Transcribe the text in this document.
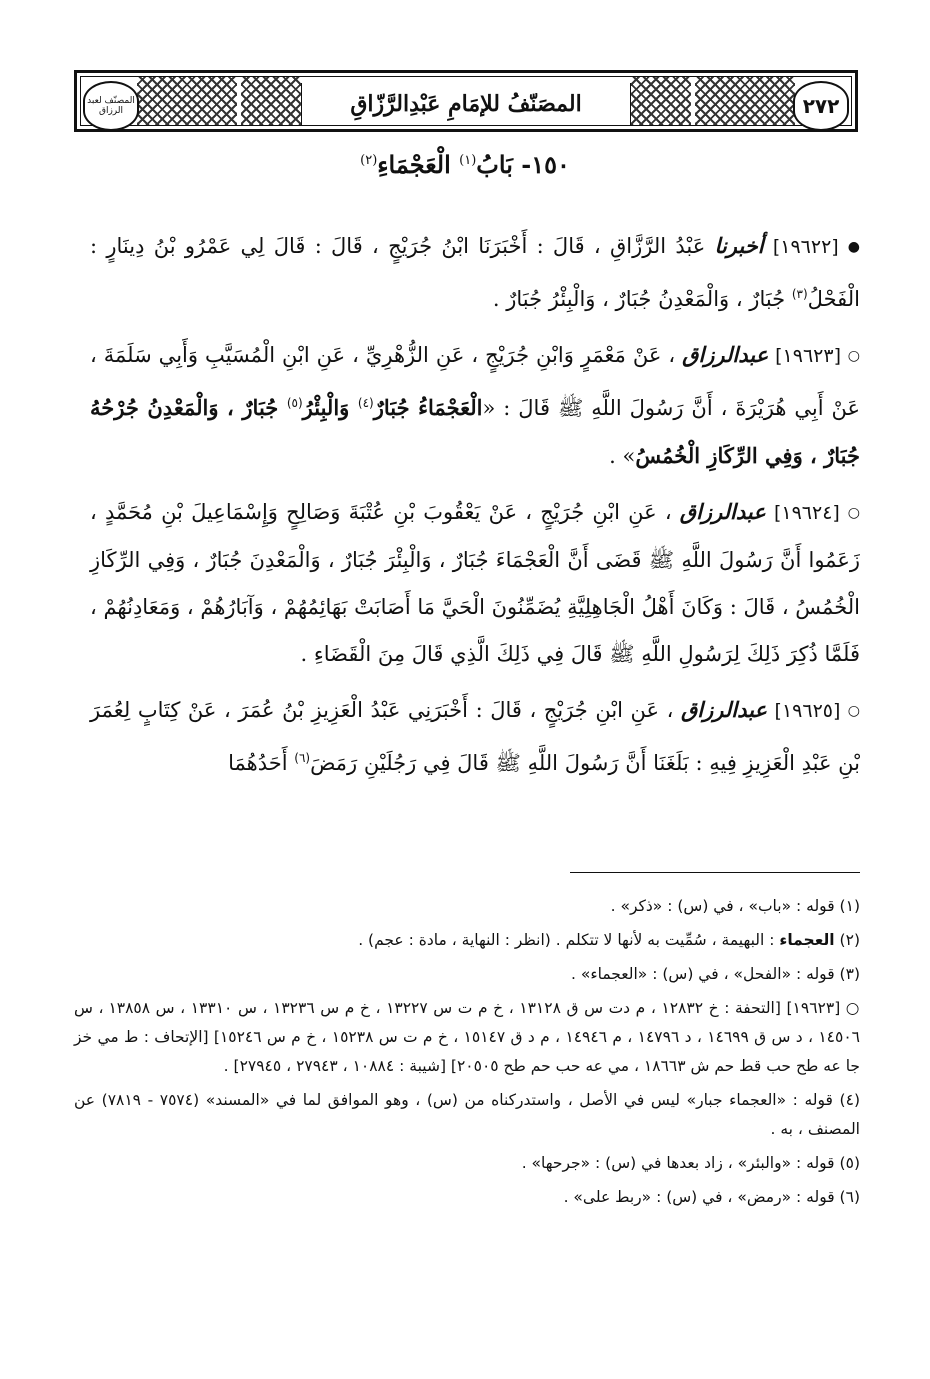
٢٧٢
المصَنّفُ للإمَامِ عَبْدِالرَّزّاقِ
المصنّف لعبد الرزاق
١٥٠- بَابُ$^{(١)}$ الْعَجْمَاءِ$^{(٢)}$

● [١٩٦٢٢] أخبرنا عَبْدُ الرَّزَّاقِ ، قَالَ : أَخْبَرَنَا ابْنُ جُرَيْجٍ ، قَالَ : قَالَ لِي عَمْرُو بْنُ دِينَارٍ : الْفَحْلُ$^{(٣)}$ جُبَارٌ ، وَالْمَعْدِنُ جُبَارٌ ، وَالْبِئْرُ جُبَارٌ .

○ [١٩٦٢٣] عبدالرزاق ، عَنْ مَعْمَرٍ وَابْنِ جُرَيْجٍ ، عَنِ الزُّهْرِيِّ ، عَنِ ابْنِ الْمُسَيَّبِ وَأَبِي سَلَمَةَ ، عَنْ أَبِي هُرَيْرَةَ ، أَنَّ رَسُولَ اللَّهِ ﷺ قَالَ : «الْعَجْمَاءُ جُبَارٌ$^{(٤)}$ وَالْبِئْرُ$^{(٥)}$ جُبَارٌ ، وَالْمَعْدِنُ جُرْحُهُ جُبَارٌ ، وَفِي الرِّكَازِ الْخُمُسُ» .

○ [١٩٦٢٤] عبدالرزاق ، عَنِ ابْنِ جُرَيْجٍ ، عَنْ يَعْقُوبَ بْنِ عُتْبَةَ وَصَالِحٍ وَإِسْمَاعِيلَ بْنِ مُحَمَّدٍ ، زَعَمُوا أَنَّ رَسُولَ اللَّهِ ﷺ قَضَى أَنَّ الْعَجْمَاءَ جُبَارٌ ، وَالْبِئْرَ جُبَارٌ ، وَالْمَعْدِنَ جُبَارٌ ، وَفِي الرِّكَازِ الْخُمُسُ ، قَالَ : وَكَانَ أَهْلُ الْجَاهِلِيَّةِ يُضَمِّنُونَ الْحَيَّ مَا أَصَابَتْ بَهَائِمُهُمْ ، وَآبَارُهُمْ ، وَمَعَادِنُهُمْ ، فَلَمَّا ذُكِرَ ذَلِكَ لِرَسُولِ اللَّهِ ﷺ قَالَ فِي ذَلِكَ الَّذِي قَالَ مِنَ الْقَضَاءِ .

○ [١٩٦٢٥] عبدالرزاق ، عَنِ ابْنِ جُرَيْجٍ ، قَالَ : أَخْبَرَنِي عَبْدُ الْعَزِيزِ بْنُ عُمَرَ ، عَنْ كِتَابٍ لِعُمَرَ بْنِ عَبْدِ الْعَزِيزِ فِيهِ : بَلَغَنَا أَنَّ رَسُولَ اللَّهِ ﷺ قَالَ فِي رَجُلَيْنِ رَمَضَ$^{(٦)}$ أَحَدُهُمَا

(١) قوله : «باب» ، في (س) : «ذكر» .

(٢) العجماء : البهيمة ، سُمِّيت به لأنها لا تتكلم . (انظر : النهاية ، مادة : عجم) .

(٣) قوله : «الفحل» ، في (س) : «العجماء» .

○ [١٩٦٢٣] [التحفة : خ ١٢٨٣٢ ، م دت س ق ١٣١٢٨ ، خ م ت س ١٣٢٢٧ ، خ م س ١٣٢٣٦ ، س ١٣٣١٠ ، س ١٣٨٥٨ ، س ١٤٥٠٦ ، د س ق ١٤٦٩٩ ، د ١٤٧٩٦ ، م ١٤٩٤٦ ، م د ق ١٥١٤٧ ، خ م ت س ١٥٢٣٨ ، خ م س ١٥٢٤٦] [الإتحاف : ط مي خز جا عه طح حب قط حم ش ١٨٦٦٣ ، مي عه حب حم طح ٢٠٥٠٥] [شيبة : ١٠٨٨٤ ، ٢٧٩٤٣ ، ٢٧٩٤٥] .

(٤) قوله : «العجماء جبار» ليس في الأصل ، واستدركناه من (س) ، وهو الموافق لما في «المسند» (٧٥٧٤ - ٧٨١٩) عن المصنف ، به .

(٥) قوله : «والبئر» ، زاد بعدها في (س) : «جرحها» .

(٦) قوله : «رمض» ، في (س) : «ربط على» .
